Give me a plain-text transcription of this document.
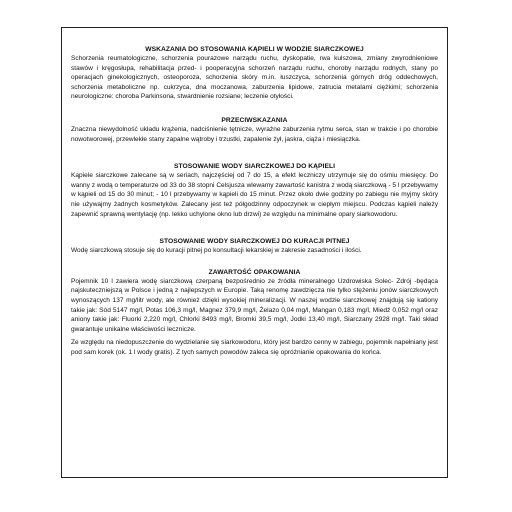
WSKAZANIA DO STOSOWANIA KĄPIELI W WODZIE SIARCZKOWEJ

Schorzenia reumatologiczne, schorzenia pourazowe narządu ruchu, dyskopatie, rwa kulszowa, zmiany zwyrodnieniowe stawów i kręgosłupa, rehabilitacja przed- i pooperacyjna schorzeń narządu ruchu, choroby narządu rodnych, stany po operacjach ginekologicznych, osteoporoza, schorzenia skóry m.in. łuszczyca, schorzenia górnych dróg oddechowych, schorzenia metaboliczne np. cukrzyca, dna moczanowa, zaburzenia lipidowe, zatrucia metalami ciężkimi; schorzenia neurologiczne: choroba Parkinsona, stwardnienie rozsiane; leczenie otyłości.

PRZECIWSKAZANIA

Znaczna niewydolność układu krążenia, nadciśnienie tętnicze, wyraźne zaburzenia rytmu serca, stan w trakcie i po chorobie nowotworowej, przewlekłe stany zapalne wątroby i trzustki, zapalenie żył, jaskra, ciąża i miesiączka.

STOSOWANIE WODY SIARCZKOWEJ DO KĄPIELI

Kąpiele siarczkowe zalecane są w seriach, najczęściej od 7 do 15, a efekt leczniczy utrzymuje się do ośmiu miesięcy. Do wanny z wodą o temperaturze od 33 do 38 stopni Celsjusza wlewamy zawartość kanistra z wodą siarczkową - 5 l przebywamy w kąpieli od 15 do 30 minut; - 10 l przebywamy w kąpieli do 15 minut. Przez około dwie godziny po zabiegu nie myjmy skóry nie używajmy żadnych kosmetyków. Zalecany jest też półgodzinny odpoczynek w ciepłym miejscu. Podczas kąpieli należy zapewnić sprawną wentylację (np. lekko uchylone okno lub drzwi) ze względu na minimalne opary siarkowodoru.

STOSOWANIE WODY SIARCZKOWEJ DO KURACJI PITNEJ

Wodę siarczkową stosuje się do kuracji pitnej po konsultacji lekarskiej w zakresie zasadności i ilości.

ZAWARTOŚĆ OPAKOWANIA

Pojemnik 10 l zawiera wodę siarczkową czerpaną bezpośrednio ze źródła mineralnego Uzdrowiska Solec- Zdrój -będąca najskuteczniejszą w Polsce i jedną z najlepszych w Europie. Taką renomę zawdzięcza nie tylko stężeniu jonów siarczkowych wynoszących 137 mg/litr wody, ale również dzięki wysokiej mineralizacji. W naszej wodzie siarczkowej znajdują się kationy takie jak: Sód 5147 mg/l, Potas 106,3 mg/l, Magnez 379,9 mg/l, Żelazo 0,04 mg/l, Mangan 0,183 mg/l, Miedź 0,052 mg/l oraz aniony takie jak: Fluorki 2,220 mg/l, Chlorki 8493 mg/l, Bromki 39,5 mg/l, Jodki 13,40 mg/l, Siarczany 2928 mg/l. Taki skład gwarantuje unikalne właściwości lecznicze.

Ze względu na niedopuszczenie do wydzielanie się siarkowodoru, który jest bardzo cenny w zabiegu, pojemnik napełniany jest pod sam korek (ok. 1 l wody gratis). Z tych samych powodów zaleca się opróżnianie opakowania do końca.
